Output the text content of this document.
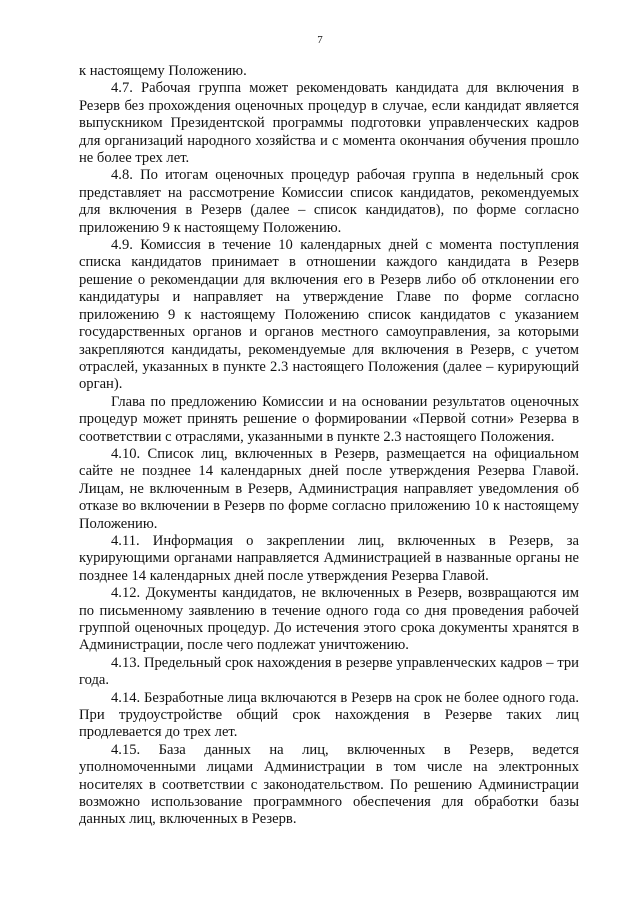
7

к настоящему Положению.

4.7. Рабочая группа может рекомендовать кандидата для включения в Резерв без прохождения оценочных процедур в случае, если кандидат является выпускником Президентской программы подготовки управленческих кадров для организаций народного хозяйства и с момента окончания обучения прошло не более трех лет.

4.8. По итогам оценочных процедур рабочая группа в недельный срок представляет на рассмотрение Комиссии список кандидатов, рекомендуемых для включения в Резерв (далее – список кандидатов), по форме согласно приложению 9 к настоящему Положению.

4.9. Комиссия в течение 10 календарных дней с момента поступления списка кандидатов принимает в отношении каждого кандидата в Резерв решение о рекомендации для включения его в Резерв либо об отклонении его кандидатуры и направляет на утверждение Главе по форме согласно приложению 9 к настоящему Положению список кандидатов с указанием государственных органов и органов местного самоуправления, за которыми закрепляются кандидаты, рекомендуемые для включения в Резерв, с учетом отраслей, указанных в пункте 2.3 настоящего Положения (далее – курирующий орган).

Глава по предложению Комиссии и на основании результатов оценочных процедур может принять решение о формировании «Первой сотни» Резерва в соответствии с отраслями, указанными в пункте 2.3 настоящего Положения.

4.10. Список лиц, включенных в Резерв, размещается на официальном сайте не позднее 14 календарных дней после утверждения Резерва Главой. Лицам, не включенным в Резерв, Администрация направляет уведомления об отказе во включении в Резерв по форме согласно приложению 10 к настоящему Положению.

4.11. Информация о закреплении лиц, включенных в Резерв, за курирующими органами направляется Администрацией в названные органы не позднее 14 календарных дней после утверждения Резерва Главой.

4.12. Документы кандидатов, не включенных в Резерв, возвращаются им по письменному заявлению в течение одного года со дня проведения рабочей группой оценочных процедур. До истечения этого срока документы хранятся в Администрации, после чего подлежат уничтожению.

4.13. Предельный срок нахождения в резерве управленческих кадров – три года.

4.14. Безработные лица включаются в Резерв на срок не более одного года. При трудоустройстве общий срок нахождения в Резерве таких лиц продлевается до трех лет.

4.15. База данных на лиц, включенных в Резерв, ведется уполномоченными лицами Администрации в том числе на электронных носителях в соответствии с законодательством. По решению Администрации возможно использование программного обеспечения для обработки базы данных лиц, включенных в Резерв.
